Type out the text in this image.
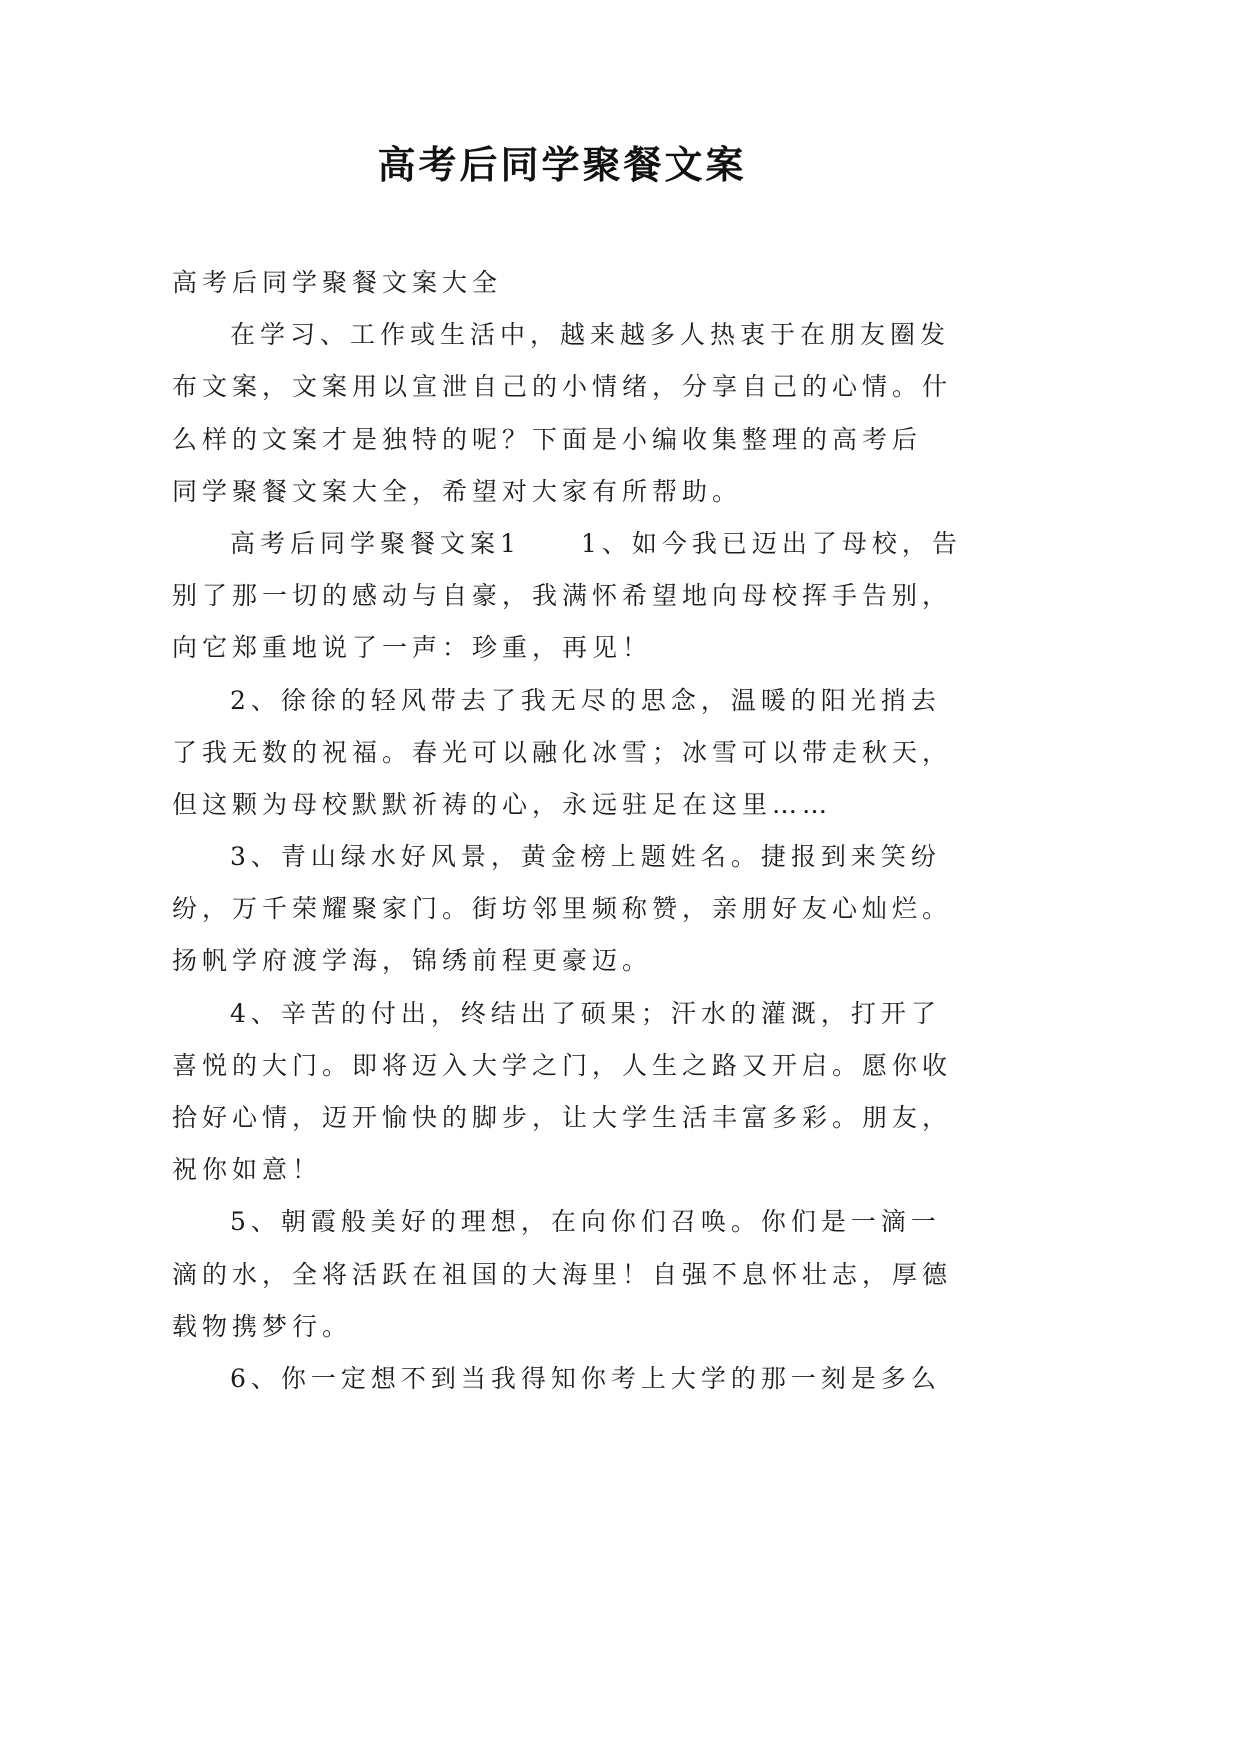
高考后同学聚餐文案
高考后同学聚餐文案大全
在学习、工作或生活中，越来越多人热衷于在朋友圈发
布文案，文案用以宣泄自己的小情绪，分享自己的心情。什
么样的文案才是独特的呢？下面是小编收集整理的高考后
同学聚餐文案大全，希望对大家有所帮助。
高考后同学聚餐文案1　　1、如今我已迈出了母校，告
别了那一切的感动与自豪，我满怀希望地向母校挥手告别，
向它郑重地说了一声：珍重，再见！
2、徐徐的轻风带去了我无尽的思念，温暖的阳光捎去
了我无数的祝福。春光可以融化冰雪；冰雪可以带走秋天，
但这颗为母校默默祈祷的心，永远驻足在这里……
3、青山绿水好风景，黄金榜上题姓名。捷报到来笑纷
纷，万千荣耀聚家门。街坊邻里频称赞，亲朋好友心灿烂。
扬帆学府渡学海，锦绣前程更豪迈。
4、辛苦的付出，终结出了硕果；汗水的灌溉，打开了
喜悦的大门。即将迈入大学之门，人生之路又开启。愿你收
拾好心情，迈开愉快的脚步，让大学生活丰富多彩。朋友，
祝你如意！
5、朝霞般美好的理想，在向你们召唤。你们是一滴一
滴的水，全将活跃在祖国的大海里！自强不息怀壮志，厚德
载物携梦行。
6、你一定想不到当我得知你考上大学的那一刻是多么
